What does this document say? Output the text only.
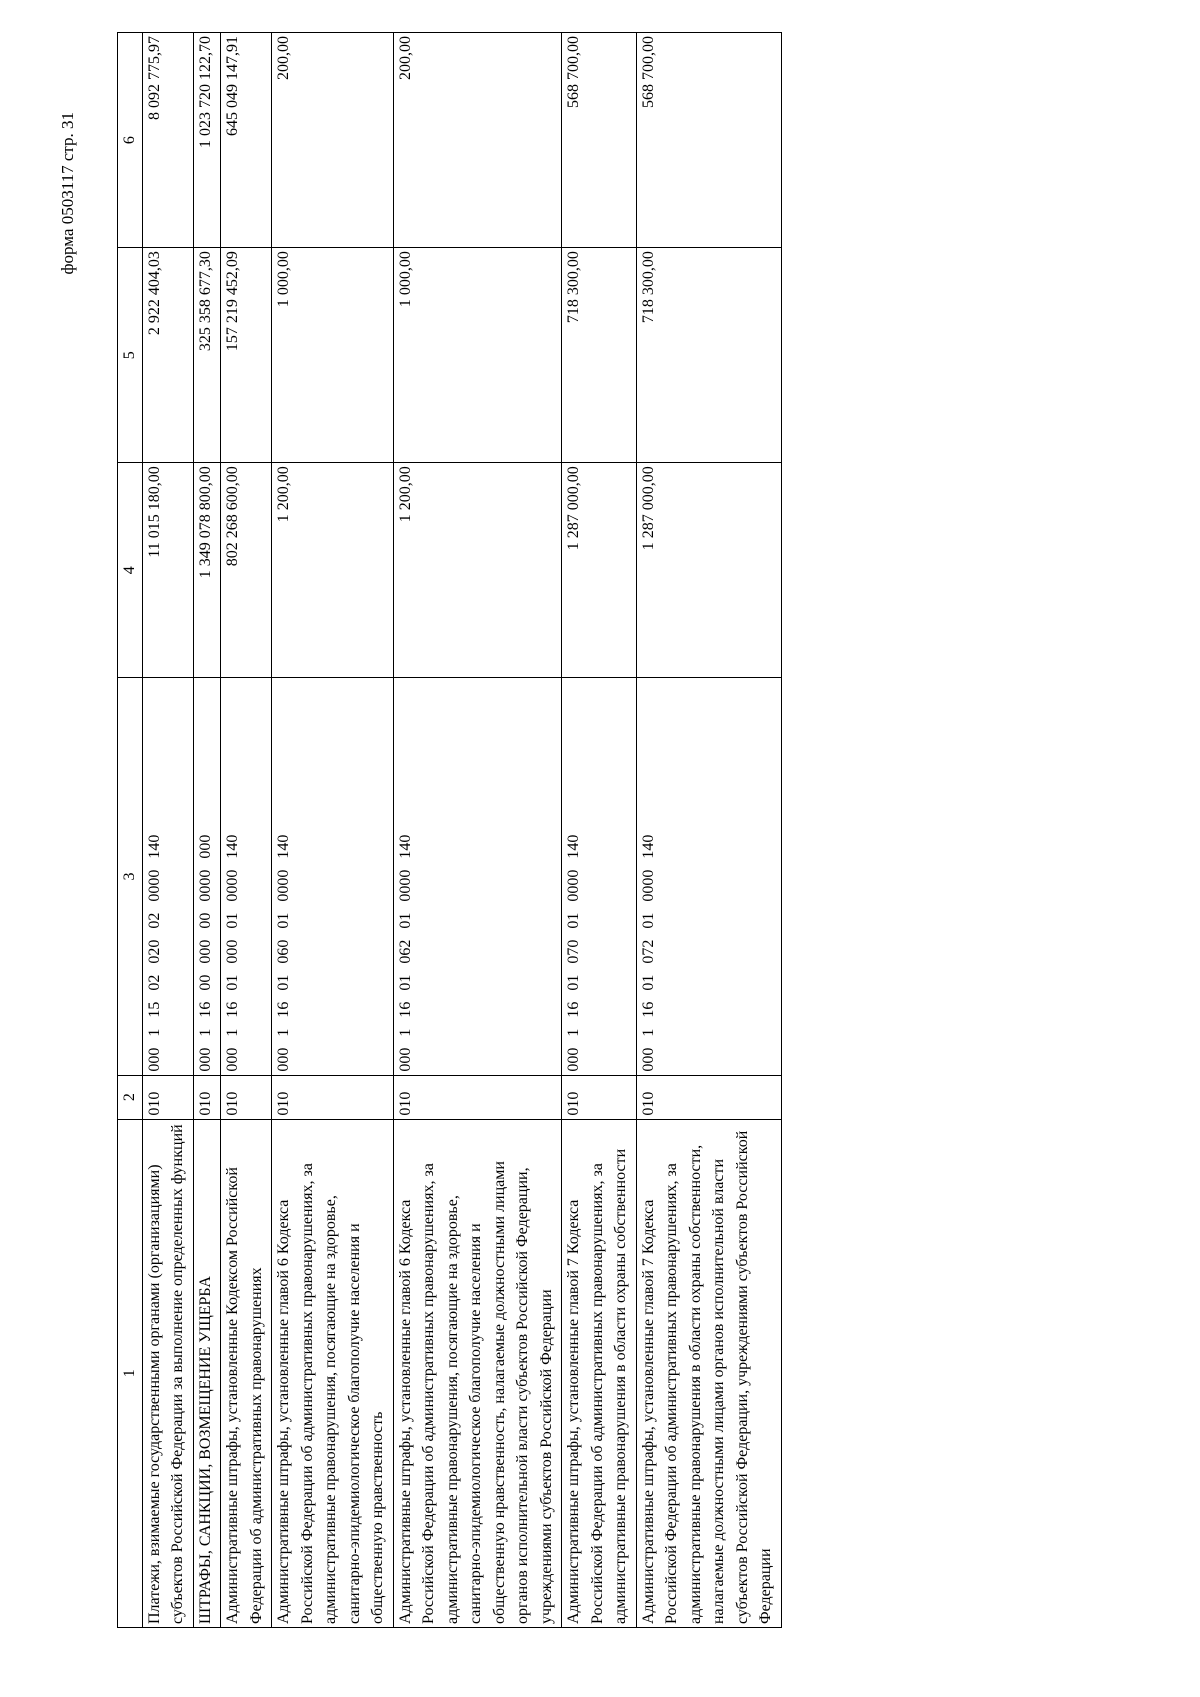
форма 0503117 стр. 31
1	2	3	4	5	6
Платежи, взимаемые государственными органами (организациями) субъектов Российской Федерации за выполнение определенных функций	010	000 1 15 02 020 02 0000 140	11 015 180,00	2 922 404,03	8 092 775,97
ШТРАФЫ, САНКЦИИ, ВОЗМЕЩЕНИЕ УЩЕРБА	010	000 1 16 00 000 00 0000 000	1 349 078 800,00	325 358 677,30	1 023 720 122,70
Административные штрафы, установленные Кодексом Российской Федерации об административных правонарушениях	010	000 1 16 01 000 01 0000 140	802 268 600,00	157 219 452,09	645 049 147,91
Административные штрафы, установленные главой 6 Кодекса Российской Федерации об административных правонарушениях, за административные правонарушения, посягающие на здоровье, санитарно-эпидемиологическое благополучие населения и общественную нравственность	010	000 1 16 01 060 01 0000 140	1 200,00	1 000,00	200,00
Административные штрафы, установленные главой 6 Кодекса Российской Федерации об административных правонарушениях, за административные правонарушения, посягающие на здоровье, санитарно-эпидемиологическое благополучие населения и общественную нравственность, налагаемые должностными лицами органов исполнительной власти субъектов Российской Федерации, учреждениями субъектов Российской Федерации	010	000 1 16 01 062 01 0000 140	1 200,00	1 000,00	200,00
Административные штрафы, установленные главой 7 Кодекса Российской Федерации об административных правонарушениях, за административные правонарушения в области охраны собственности	010	000 1 16 01 070 01 0000 140	1 287 000,00	718 300,00	568 700,00
Административные штрафы, установленные главой 7 Кодекса Российской Федерации об административных правонарушениях, за административные правонарушения в области охраны собственности, налагаемые должностными лицами органов исполнительной власти субъектов Российской Федерации, учреждениями субъектов Российской Федерации	010	000 1 16 01 072 01 0000 140	1 287 000,00	718 300,00	568 700,00
